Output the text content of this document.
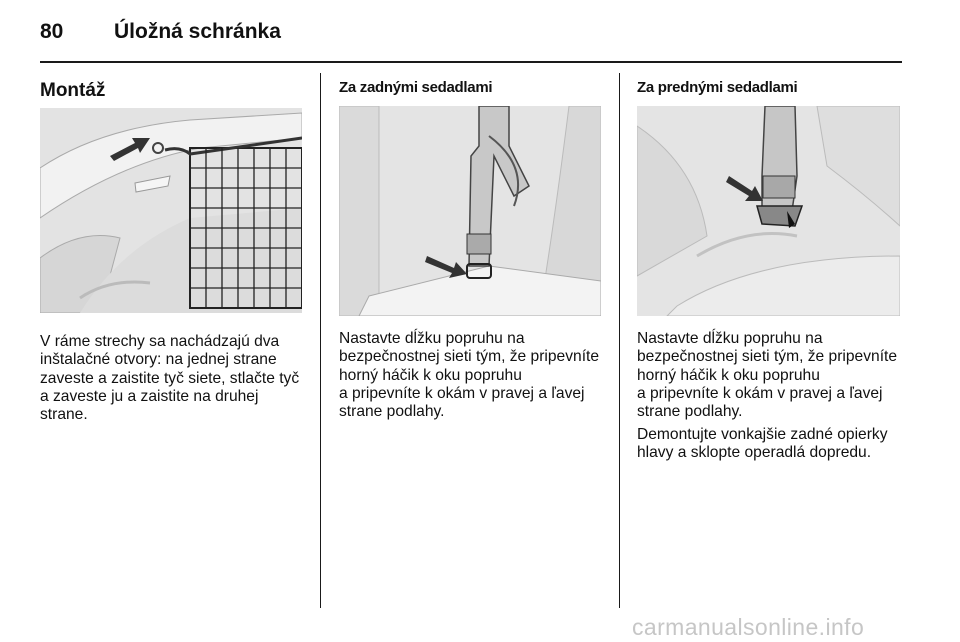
80 Úložná schránka
Montáž
V ráme strechy sa nachádzajú dva
inštalačné otvory: na jednej strane
zaveste a zaistite tyč siete, stlačte tyč
a zaveste ju a zaistite na druhej
strane.
Za zadnými sedadlami
Nastavte dĺžku popruhu na
bezpečnostnej sieti tým, že pripevníte
horný háčik k oku popruhu
a pripevníte k okám v pravej a ľavej
strane podlahy.
Za prednými sedadlami
Nastavte dĺžku popruhu na
bezpečnostnej sieti tým, že pripevníte
horný háčik k oku popruhu
a pripevníte k okám v pravej a ľavej
strane podlahy.
Demontujte vonkajšie zadné opierky
hlavy a sklopte operadlá dopredu.
carmanualsonline.info
